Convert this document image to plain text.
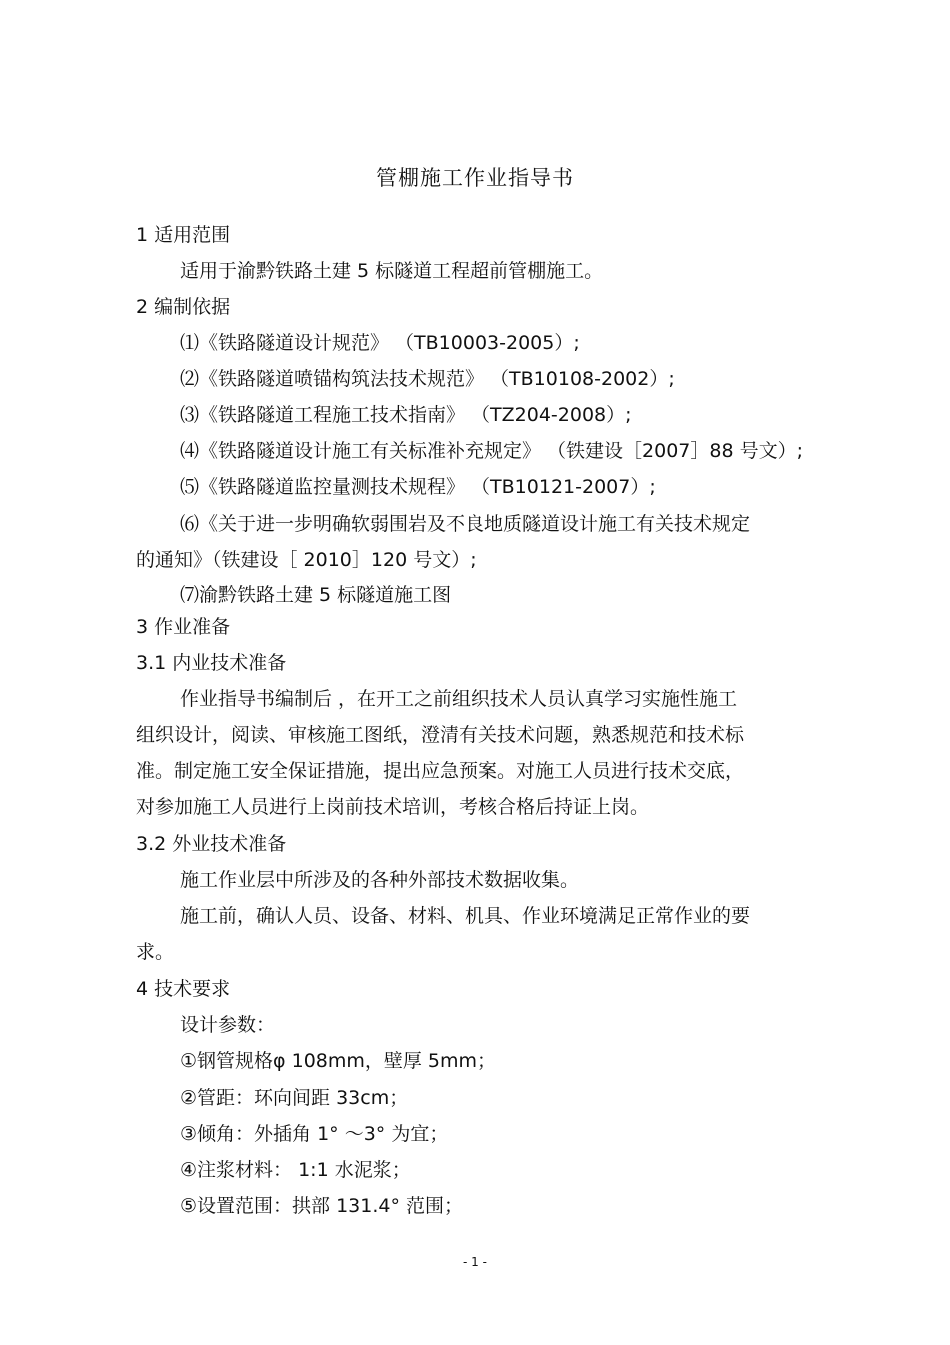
管棚施工作业指导书
1 适用范围
适用于渝黔铁路土建 5 标隧道工程超前管棚施工。
2 编制依据
⑴《铁路隧道设计规范》 （TB10003-2005）;
⑵《铁路隧道喷锚构筑法技术规范》 （TB10108-2002）;
⑶《铁路隧道工程施工技术指南》 （TZ204-2008）;
⑷《铁路隧道设计施工有关标准补充规定》 （铁建设［2007］88 号文）;
⑸《铁路隧道监控量测技术规程》 （TB10121-2007）;
⑹《关于进一步明确软弱围岩及不良地质隧道设计施工有关技术规定
的通知》（铁建设［ 2010］120 号文）;
⑺渝黔铁路土建 5 标隧道施工图
3 作业准备
3.1 内业技术准备
作业指导书编制后 ，在开工之前组织技术人员认真学习实施性施工
组织设计，阅读、审核施工图纸，澄清有关技术问题，熟悉规范和技术标
准。制定施工安全保证措施，提出应急预案。对施工人员进行技术交底，
对参加施工人员进行上岗前技术培训，考核合格后持证上岗。
3.2 外业技术准备
施工作业层中所涉及的各种外部技术数据收集。
施工前，确认人员、设备、材料、机具、作业环境满足正常作业的要
求。
4 技术要求
设计参数：
①钢管规格φ 108mm，壁厚 5mm；
②管距：环向间距 33cm；
③倾角：外插角 1° ～3° 为宜；
④注浆材料： 1:1 水泥浆；
⑤设置范围：拱部 131.4° 范围；
- 1 -
